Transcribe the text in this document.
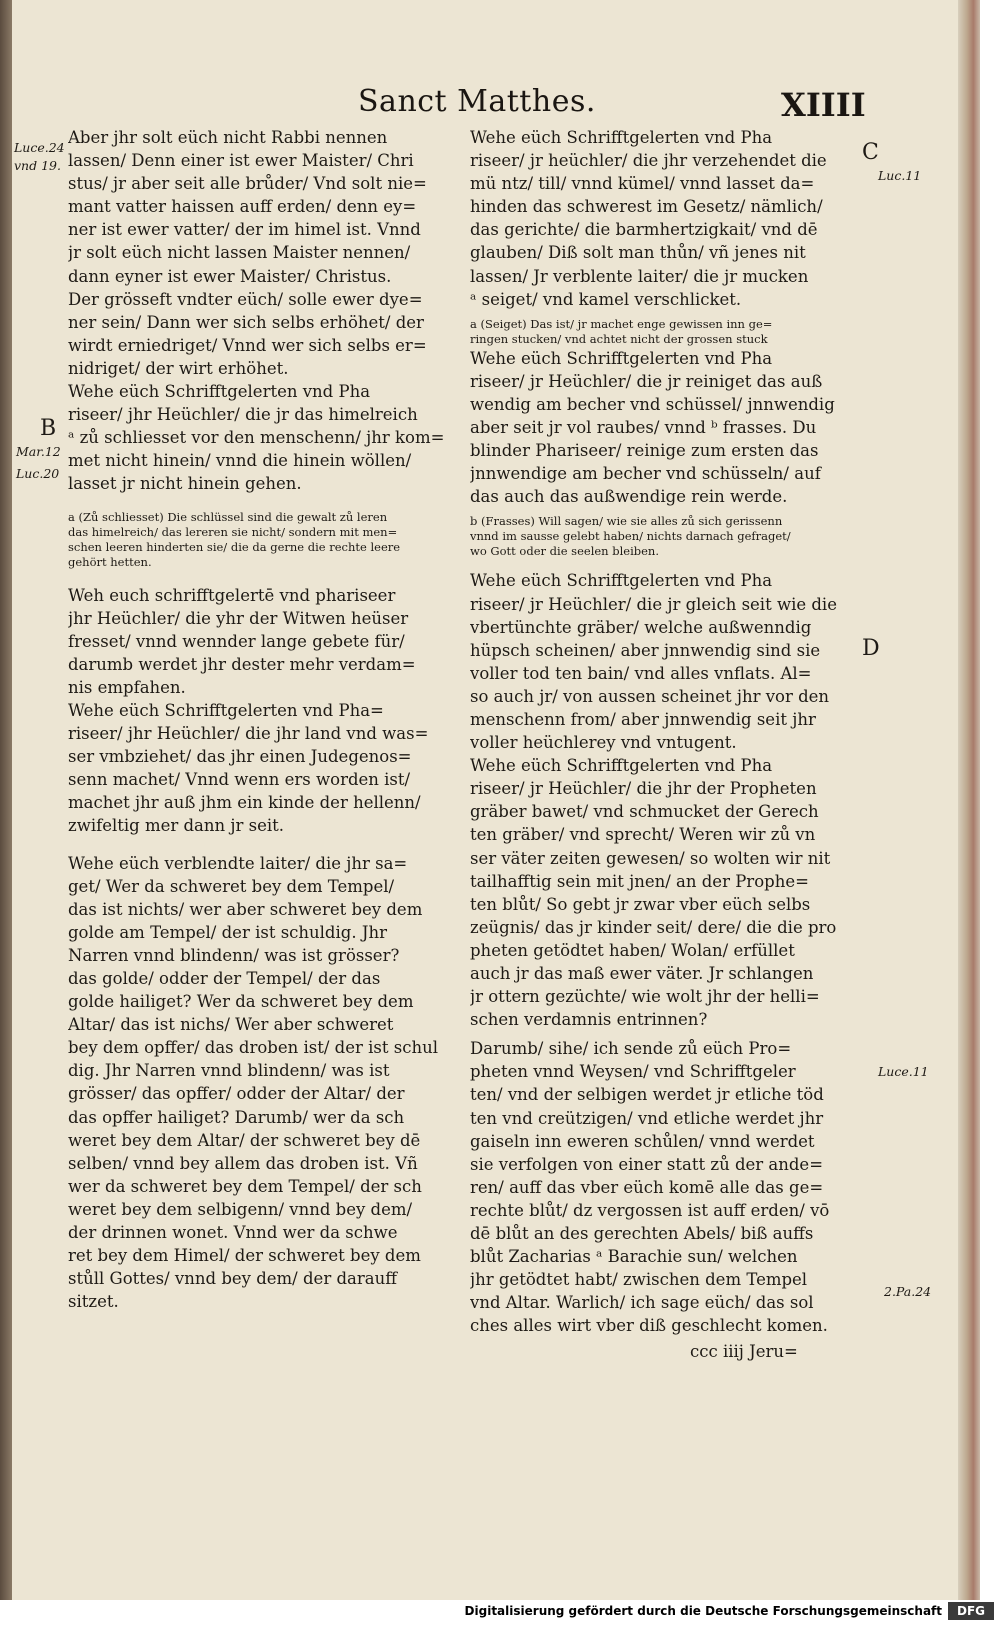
Sanct Matthes.	XIIII
Luce.24
vnd 19.
Mar.12
Luc.20
Luc.11
Luce.11
2.Pa.24
B
C
D
Aber jhr solt eüch nicht Rabbi nennen
lassen/ Denn einer ist ewer Maister/ Chri
stus/ jr aber seit alle brůder/ Vnd solt nie=
mant vatter haissen auff erden/ denn ey=
ner ist ewer vatter/ der im himel ist. Vnnd
jr solt eüch nicht lassen Maister nennen/
dann eyner ist ewer Maister/ Christus.
Der grösseft vndter eüch/ solle ewer dye=
ner sein/ Dann wer sich selbs erhöhet/ der
wirdt erniedriget/ Vnnd wer sich selbs er=
nidriget/ der wirt erhöhet.
Wehe eüch Schrifftgelerten vnd Pha
riseer/ jhr Heüchler/ die jr das himelreich
ᵃ zů schliesset vor den menschenn/ jhr kom=
met nicht hinein/ vnnd die hinein wöllen/
lasset jr nicht hinein gehen.
a (Zů schliesset) Die schlüssel sind die gewalt zů leren
das himelreich/ das lereren sie nicht/ sondern mit men=
schen leeren hinderten sie/ die da gerne die rechte leere
gehört hetten.
Weh euch schrifftgelertē vnd phariseer
jhr Heüchler/ die yhr der Witwen heüser
fresset/ vnnd wennder lange gebete für/
darumb werdet jhr dester mehr verdam=
nis empfahen.
Wehe eüch Schrifftgelerten vnd Pha=
riseer/ jhr Heüchler/ die jhr land vnd was=
ser vmbziehet/ das jhr einen Judegenos=
senn machet/ Vnnd wenn ers worden ist/
machet jhr auß jhm ein kinde der hellenn/
zwifeltig mer dann jr seit.
Wehe eüch verblendte laiter/ die jhr sa=
get/ Wer da schweret bey dem Tempel/
das ist nichts/ wer aber schweret bey dem
golde am Tempel/ der ist schuldig. Jhr
Narren vnnd blindenn/ was ist grösser?
das golde/ odder der Tempel/ der das
golde hailiget? Wer da schweret bey dem
Altar/ das ist nichs/ Wer aber schweret
bey dem opffer/ das droben ist/ der ist schul
dig. Jhr Narren vnnd blindenn/ was ist
grösser/ das opffer/ odder der Altar/ der
das opffer hailiget? Darumb/ wer da sch
weret bey dem Altar/ der schweret bey dē
selben/ vnnd bey allem das droben ist. Vñ
wer da schweret bey dem Tempel/ der sch
weret bey dem selbigenn/ vnnd bey dem/
der drinnen wonet. Vnnd wer da schwe
ret bey dem Himel/ der schweret bey dem
stůll Gottes/ vnnd bey dem/ der darauff
sitzet.
Wehe eüch Schrifftgelerten vnd Pha
riseer/ jr heüchler/ die jhr verzehendet die
mü ntz/ till/ vnnd kümel/ vnnd lasset da=
hinden das schwerest im Gesetz/ nämlich/
das gerichte/ die barmhertzigkait/ vnd dē
glauben/ Diß solt man thůn/ vñ jenes nit
lassen/ Jr verblente laiter/ die jr mucken
ᵃ seiget/ vnd kamel verschlicket.
a (Seiget) Das ist/ jr machet enge gewissen inn ge=
ringen stucken/ vnd achtet nicht der grossen stuck
Wehe eüch Schrifftgelerten vnd Pha
riseer/ jr Heüchler/ die jr reiniget das auß
wendig am becher vnd schüssel/ jnnwendig
aber seit jr vol raubes/ vnnd ᵇ frasses. Du
blinder Phariseer/ reinige zum ersten das
jnnwendige am becher vnd schüsseln/ auf
das auch das außwendige rein werde.
b (Frasses) Will sagen/ wie sie alles zů sich gerissenn
vnnd im sausse gelebt haben/ nichts darnach gefraget/
wo Gott oder die seelen bleiben.
Wehe eüch Schrifftgelerten vnd Pha
riseer/ jr Heüchler/ die jr gleich seit wie die
vbertünchte gräber/ welche außwenndig
hüpsch scheinen/ aber jnnwendig sind sie
voller tod ten bain/ vnd alles vnflats. Al=
so auch jr/ von aussen scheinet jhr vor den
menschenn from/ aber jnnwendig seit jhr
voller heüchlerey vnd vntugent.
Wehe eüch Schrifftgelerten vnd Pha
riseer/ jr Heüchler/ die jhr der Propheten
gräber bawet/ vnd schmucket der Gerech
ten gräber/ vnd sprecht/ Weren wir zů vn
ser väter zeiten gewesen/ so wolten wir nit
tailhafftig sein mit jnen/ an der Prophe=
ten blůt/ So gebt jr zwar vber eüch selbs
zeügnis/ das jr kinder seit/ dere/ die die pro
pheten getödtet haben/ Wolan/ erfüllet
auch jr das maß ewer väter. Jr schlangen
jr ottern gezüchte/ wie wolt jhr der helli=
schen verdamnis entrinnen?
Darumb/ sihe/ ich sende zů eüch Pro=
pheten vnnd Weysen/ vnd Schrifftgeler
ten/ vnd der selbigen werdet jr etliche töd
ten vnd creützigen/ vnd etliche werdet jhr
gaiseln inn eweren schůlen/ vnnd werdet
sie verfolgen von einer statt zů der ande=
ren/ auff das vber eüch komē alle das ge=
rechte blůt/ dz vergossen ist auff erden/ vō
dē blůt an des gerechten Abels/ biß auffs
blůt Zacharias ᵃ Barachie sun/ welchen
jhr getödtet habt/ zwischen dem Tempel
vnd Altar. Warlich/ ich sage eüch/ das sol
ches alles wirt vber diß geschlecht komen.
ccc iiij Jeru=
Digitalisierung gefördert durch die Deutsche Forschungsgemeinschaft	DFG
